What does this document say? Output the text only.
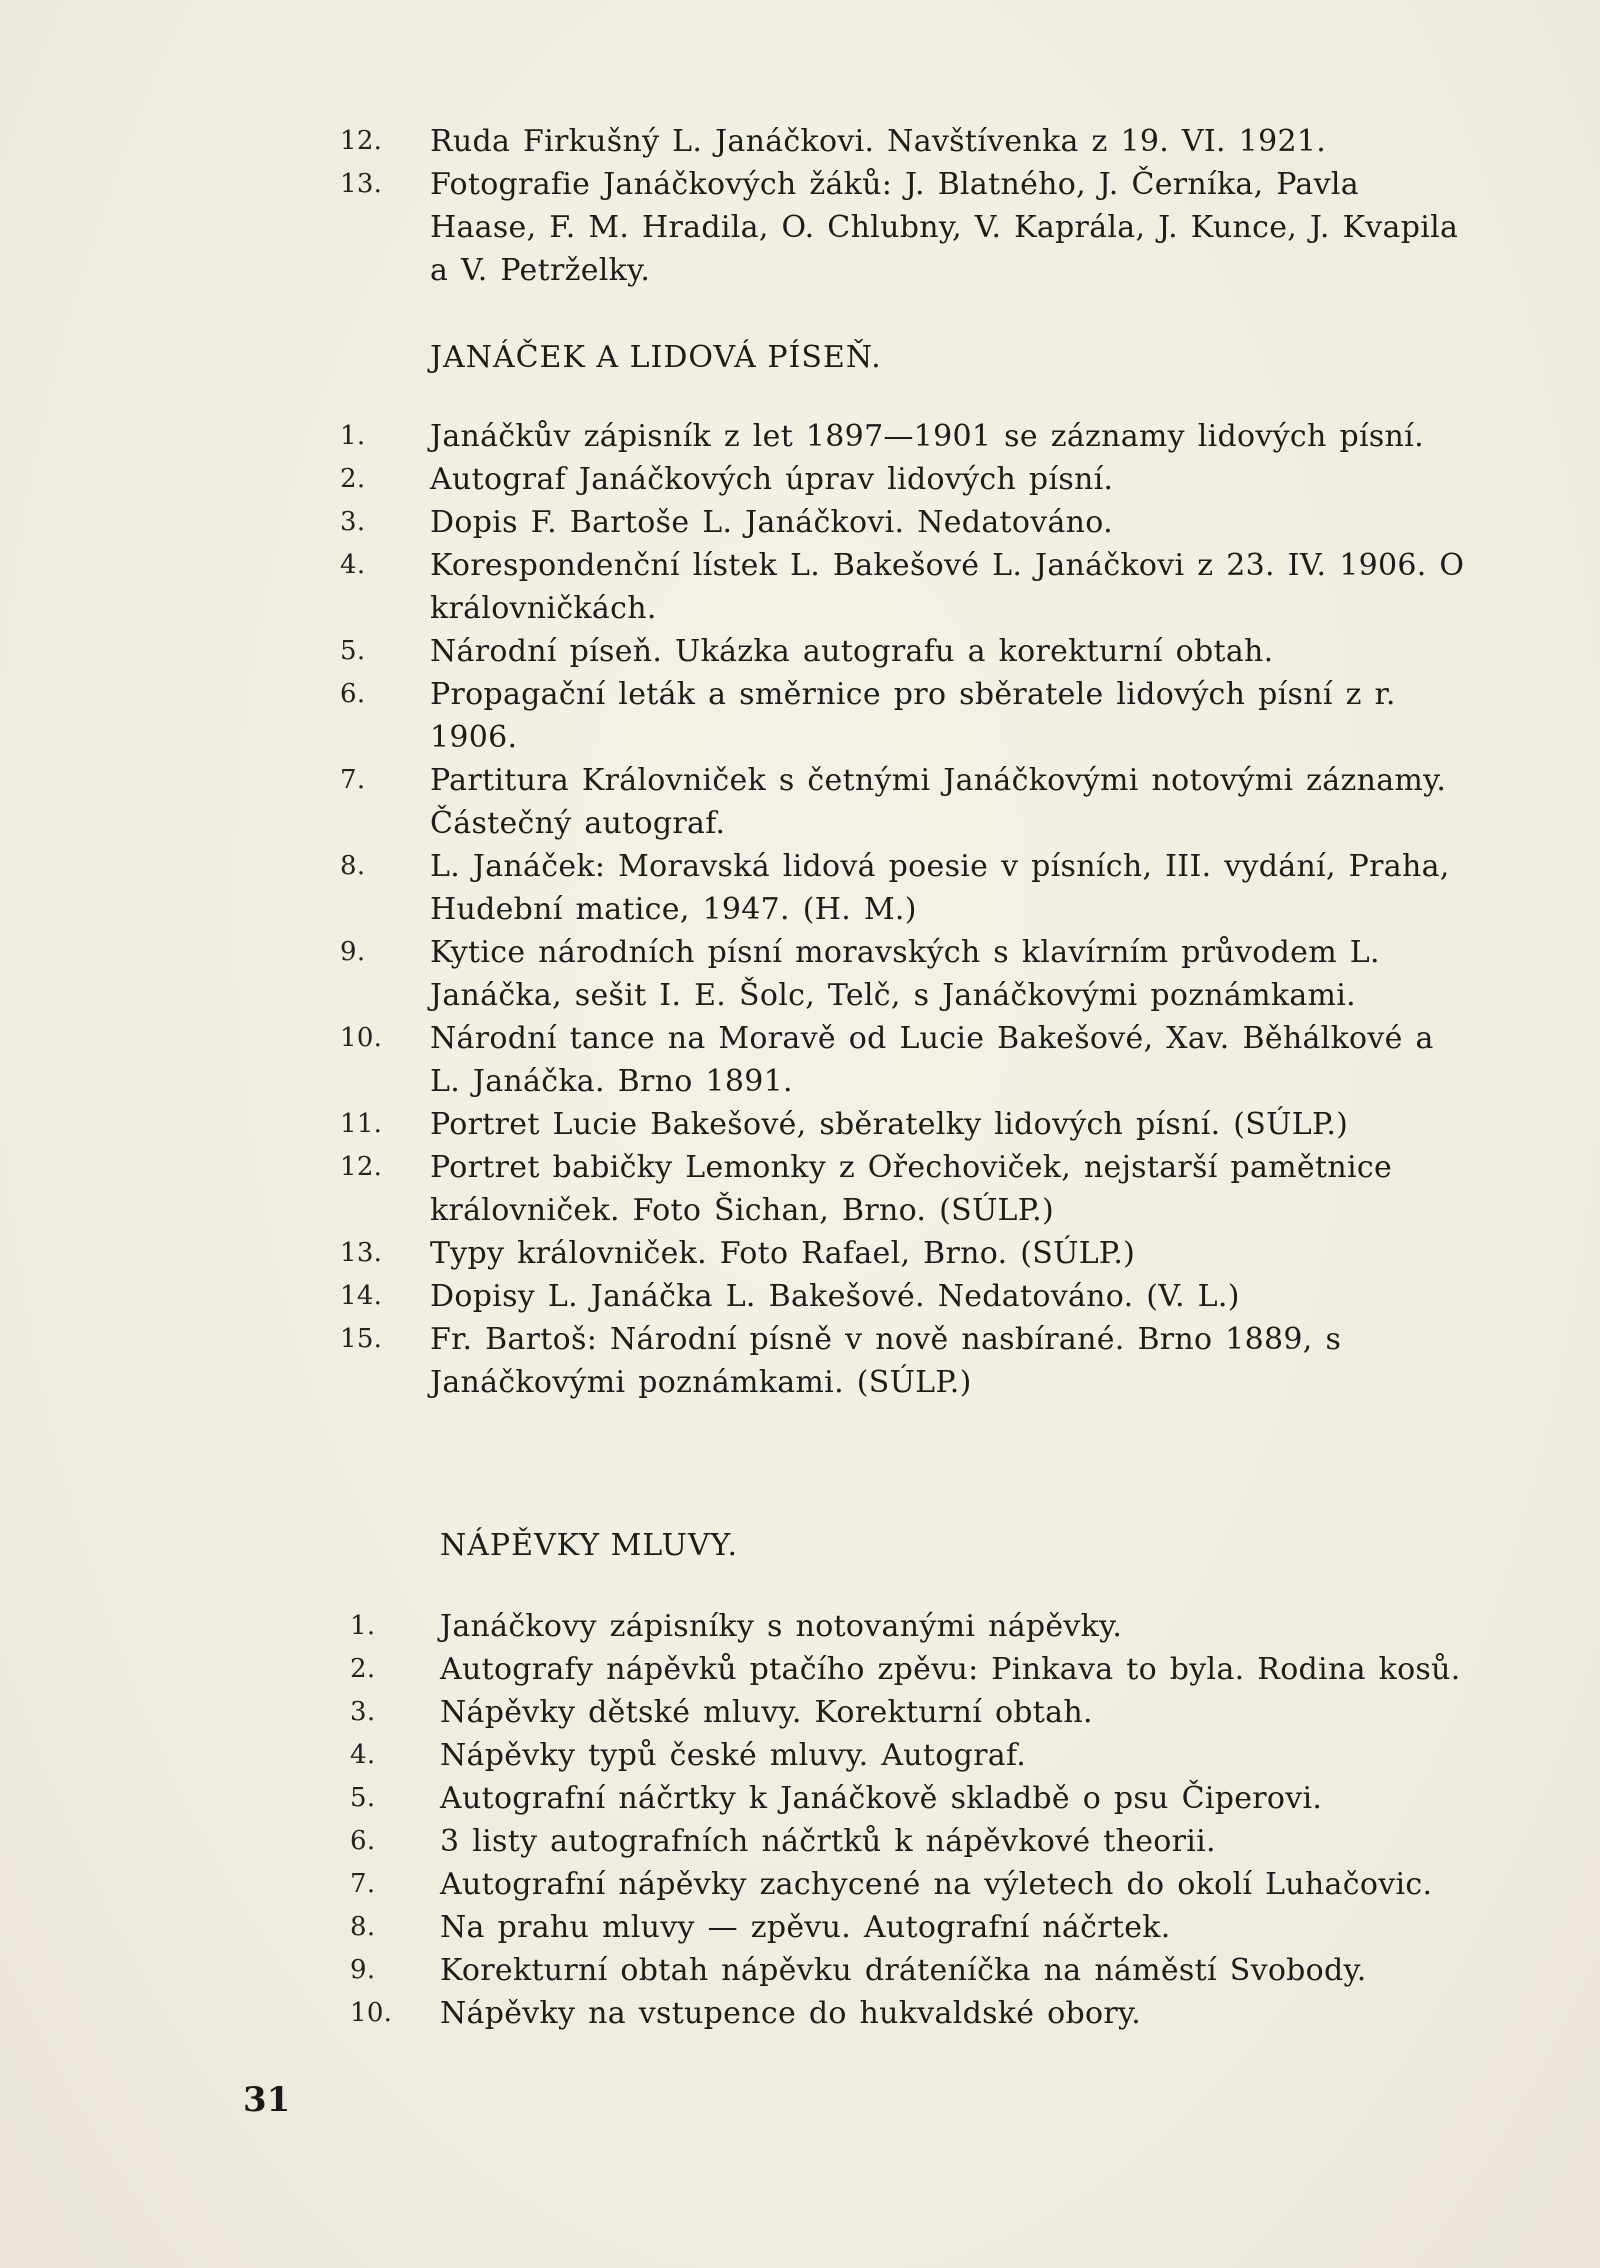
12.	Ruda Firkušný L. Janáčkovi. Navštívenka z 19. VI. 1921.
13.	Fotografie Janáčkových žáků: J. Blatného, J. Černíka, Pavla Haase, F. M. Hradila, O. Chlubny, V. Kaprála, J. Kunce, J. Kvapila a V. Petrželky.
JANÁČEK A LIDOVÁ PÍSEŇ.
1.	Janáčkův zápisník z let 1897—1901 se záznamy lidových písní.
2.	Autograf Janáčkových úprav lidových písní.
3.	Dopis F. Bartoše L. Janáčkovi. Nedatováno.
4.	Korespondenční lístek L. Bakešové L. Janáčkovi z 23. IV. 1906. O královničkách.
5.	Národní píseň. Ukázka autografu a korekturní obtah.
6.	Propagační leták a směrnice pro sběratele lidových písní z r. 1906.
7.	Partitura Královniček s četnými Janáčkovými notovými záznamy. Částečný autograf.
8.	L. Janáček: Moravská lidová poesie v písních, III. vydání, Praha, Hudební matice, 1947. (H. M.)
9.	Kytice národních písní moravských s klavírním průvodem L. Janáčka, sešit I. E. Šolc, Telč, s Janáčkovými poznámkami.
10.	Národní tance na Moravě od Lucie Bakešové, Xav. Běhálkové a L. Janáčka. Brno 1891.
11.	Portret Lucie Bakešové, sběratelky lidových písní. (SÚLP.)
12.	Portret babičky Lemonky z Ořechoviček, nejstarší pamětnice královniček. Foto Šichan, Brno. (SÚLP.)
13.	Typy královniček. Foto Rafael, Brno. (SÚLP.)
14.	Dopisy L. Janáčka L. Bakešové. Nedatováno. (V. L.)
15.	Fr. Bartoš: Národní písně v nově nasbírané. Brno 1889, s Janáčkovými poznámkami. (SÚLP.)
NÁPĚVKY MLUVY.
1.	Janáčkovy zápisníky s notovanými nápěvky.
2.	Autografy nápěvků ptačího zpěvu: Pinkava to byla. Rodina kosů.
3.	Nápěvky dětské mluvy. Korekturní obtah.
4.	Nápěvky typů české mluvy. Autograf.
5.	Autografní náčrtky k Janáčkově skladbě o psu Čiperovi.
6.	3 listy autografních náčrtků k nápěvkové theorii.
7.	Autografní nápěvky zachycené na výletech do okolí Luhačovic.
8.	Na prahu mluvy — zpěvu. Autografní náčrtek.
9.	Korekturní obtah nápěvku dráteníčka na náměstí Svobody.
10.	Nápěvky na vstupence do hukvaldské obory.
31
